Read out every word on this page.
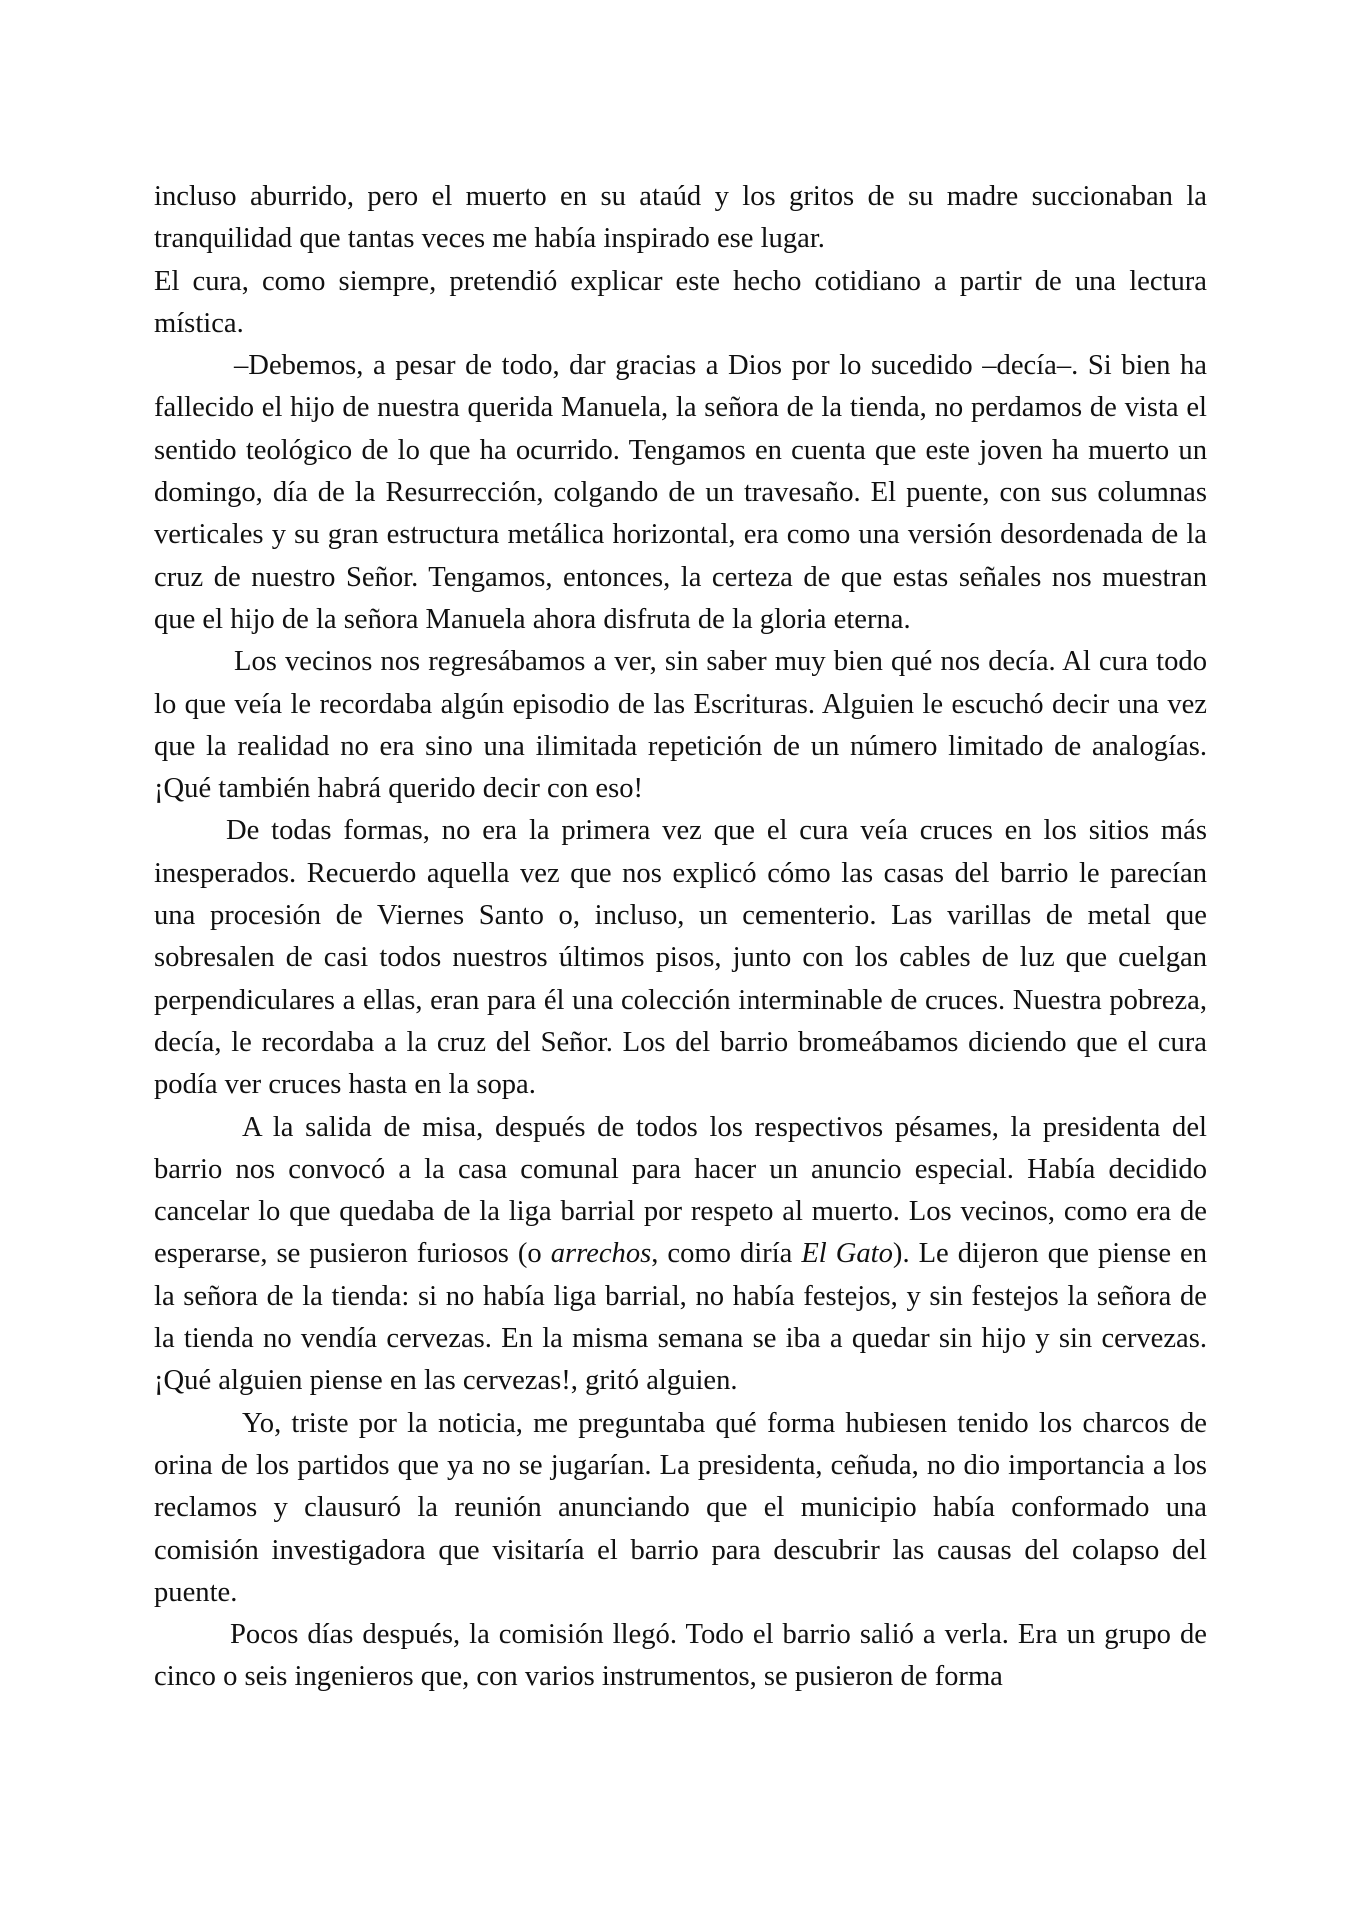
incluso aburrido, pero el muerto en su ataúd y los gritos de su madre succionaban la tranquilidad que tantas veces me había inspirado ese lugar.

El cura, como siempre, pretendió explicar este hecho cotidiano a partir de una lectura mística.

–Debemos, a pesar de todo, dar gracias a Dios por lo sucedido –decía–. Si bien ha fallecido el hijo de nuestra querida Manuela, la señora de la tienda, no perdamos de vista el sentido teológico de lo que ha ocurrido. Tengamos en cuenta que este joven ha muerto un domingo, día de la Resurrección, colgando de un travesaño. El puente, con sus columnas verticales y su gran estructura metálica horizontal, era como una versión desordenada de la cruz de nuestro Señor. Tengamos, entonces, la certeza de que estas señales nos muestran que el hijo de la señora Manuela ahora disfruta de la gloria eterna.

Los vecinos nos regresábamos a ver, sin saber muy bien qué nos decía. Al cura todo lo que veía le recordaba algún episodio de las Escrituras. Alguien le escuchó decir una vez que la realidad no era sino una ilimitada repetición de un número limitado de analogías. ¡Qué también habrá querido decir con eso!

De todas formas, no era la primera vez que el cura veía cruces en los sitios más inesperados. Recuerdo aquella vez que nos explicó cómo las casas del barrio le parecían una procesión de Viernes Santo o, incluso, un cementerio. Las varillas de metal que sobresalen de casi todos nuestros últimos pisos, junto con los cables de luz que cuelgan perpendiculares a ellas, eran para él una colección interminable de cruces. Nuestra pobreza, decía, le recordaba a la cruz del Señor. Los del barrio bromeábamos diciendo que el cura podía ver cruces hasta en la sopa.

A la salida de misa, después de todos los respectivos pésames, la presidenta del barrio nos convocó a la casa comunal para hacer un anuncio especial. Había decidido cancelar lo que quedaba de la liga barrial por respeto al muerto. Los vecinos, como era de esperarse, se pusieron furiosos (o arrechos, como diría El Gato). Le dijeron que piense en la señora de la tienda: si no había liga barrial, no había festejos, y sin festejos la señora de la tienda no vendía cervezas. En la misma semana se iba a quedar sin hijo y sin cervezas. ¡Qué alguien piense en las cervezas!, gritó alguien.

Yo, triste por la noticia, me preguntaba qué forma hubiesen tenido los charcos de orina de los partidos que ya no se jugarían. La presidenta, ceñuda, no dio importancia a los reclamos y clausuró la reunión anunciando que el municipio había conformado una comisión investigadora que visitaría el barrio para descubrir las causas del colapso del puente.

Pocos días después, la comisión llegó. Todo el barrio salió a verla. Era un grupo de cinco o seis ingenieros que, con varios instrumentos, se pusieron de forma
